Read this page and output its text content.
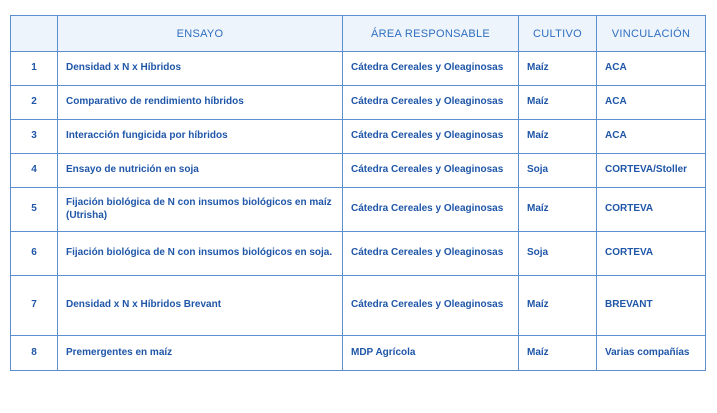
	ENSAYO	ÁREA RESPONSABLE	CULTIVO	VINCULACIÓN
1	Densidad x N x Híbridos	Cátedra Cereales y Oleaginosas	Maíz	ACA
2	Comparativo de rendimiento híbridos	Cátedra Cereales y Oleaginosas	Maíz	ACA
3	Interacción fungicida por híbridos	Cátedra Cereales y Oleaginosas	Maíz	ACA
4	Ensayo de nutrición en soja	Cátedra Cereales y Oleaginosas	Soja	CORTEVA/Stoller
5	Fijación biológica de N con insumos biológicos en maíz (Utrisha)	Cátedra Cereales y Oleaginosas	Maíz	CORTEVA
6	Fijación biológica de N con insumos biológicos en soja.	Cátedra Cereales y Oleaginosas	Soja	CORTEVA
7	Densidad x N x Híbridos Brevant	Cátedra Cereales y Oleaginosas	Maíz	BREVANT
8	Premergentes en maíz	MDP Agrícola	Maíz	Varias compañías
